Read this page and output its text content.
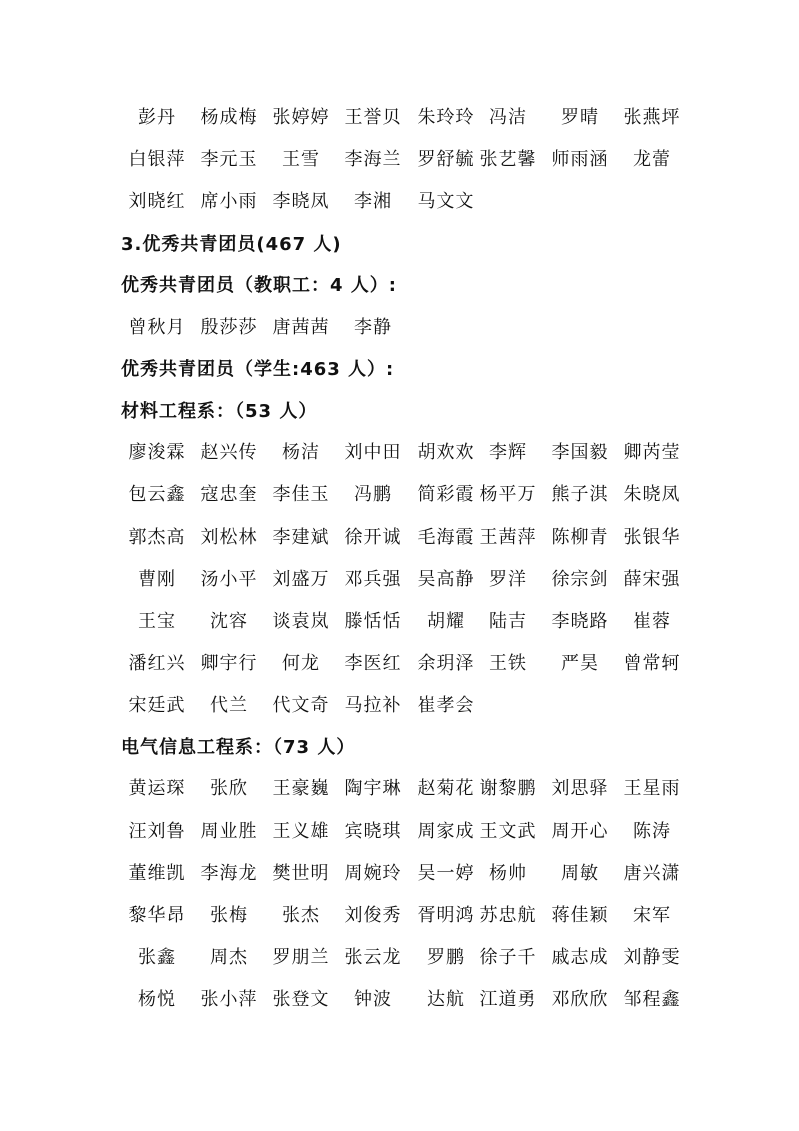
彭丹	杨成梅 张婷婷 王誉贝 朱玲玲 冯洁	罗晴	张燕坪
白银萍 李元玉	王雪	李海兰 罗舒毓 张艺馨 师雨涵	龙蕾
刘晓红 席小雨 李晓凤	李湘	马文文
3.优秀共青团员(467 人)
优秀共青团员（教职工：4 人）:
曾秋月 殷莎莎 唐茜茜	李静
优秀共青团员（学生:463 人）:
材料工程系：（53 人）
廖浚霖 赵兴传	杨洁	刘中田 胡欢欢 李辉	李国毅 卿芮莹
包云鑫 寇忠奎 李佳玉	冯鹏	简彩霞 杨平万 熊子淇 朱晓凤
郭杰高 刘松林 李建斌 徐开诚 毛海霞 王茜萍 陈柳青 张银华
曹刚	汤小平 刘盛万 邓兵强 吴高静 罗洋	徐宗剑 薛宋强
王宝	沈容	谈袁岚 滕恬恬	胡耀	陆吉	李晓路	崔蓉
潘红兴 卿宇行	何龙	李医红 余玥泽 王铁	严昊	曾常轲
宋廷武	代兰	代文奇 马拉补 崔孝会
电气信息工程系：（73 人）
黄运琛	张欣	王豪巍 陶宇琳 赵菊花 谢黎鹏 刘思驿 王星雨
汪刘鲁 周业胜 王义雄 宾晓琪 周家成 王文武 周开心	陈涛
董维凯 李海龙 樊世明 周婉玲 吴一婷 杨帅	周敏	唐兴潇
黎华昂	张梅	张杰	刘俊秀 胥明鸿 苏忠航 蒋佳颖	宋军
张鑫	周杰	罗朋兰 张云龙	罗鹏 徐子千 戚志成 刘静雯
杨悦	张小萍 张登文	钟波	达航 江道勇 邓欣欣 邹程鑫
